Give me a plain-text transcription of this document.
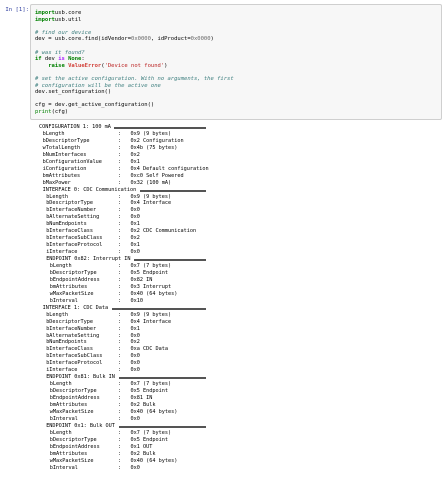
In [1]: importusb.core
importusb.util
# find our device
dev = usb.core.find(idVendor=0x0000, idProduct=0x0000)
# was it found?
if dev is None:
raise ValueError('Device not found')
# set the active configuration. With no arguments, the first
# configuration will be the active one
dev.set_configuration()
cfg = dev.get_active_configuration()
print(cfg)
CONFIGURATION 1: 100 mA
bLength	:   0x9 (9 bytes)
bDescriptorType	:   0x2 Configuration
wTotalLength	:   0x4b (75 bytes)
bNumInterfaces	:   0x2
bConfigurationValue	:   0x1
iConfiguration	:   0x4 Default configuration
bmAttributes	:   0xc0 Self Powered
bMaxPower	:   0x32 (100 mA)
INTERFACE 0: CDC Communication
bLength	:   0x9 (9 bytes)
bDescriptorType	:   0x4 Interface
bInterfaceNumber	:   0x0
bAlternateSetting	:   0x0
bNumEndpoints	:   0x1
bInterfaceClass	:   0x2 CDC Communication
bInterfaceSubClass	:   0x2
bInterfaceProtocol	:   0x1
iInterface	:   0x0
ENDPOINT 0x82: Interrupt IN
bLength	:   0x7 (7 bytes)
bDescriptorType	:   0x5 Endpoint
bEndpointAddress	:   0x82 IN
bmAttributes	:   0x3 Interrupt
wMaxPacketSize	:   0x40 (64 bytes)
bInterval	:   0x10
INTERFACE 1: CDC Data
bLength	:   0x9 (9 bytes)
bDescriptorType	:   0x4 Interface
bInterfaceNumber	:   0x1
bAlternateSetting	:   0x0
bNumEndpoints	:   0x2
bInterfaceClass	:   0xa CDC Data
bInterfaceSubClass	:   0x0
bInterfaceProtocol	:   0x0
iInterface	:   0x0
ENDPOINT 0x81: Bulk IN
bLength	:   0x7 (7 bytes)
bDescriptorType	:   0x5 Endpoint
bEndpointAddress	:   0x81 IN
bmAttributes	:   0x2 Bulk
wMaxPacketSize	:   0x40 (64 bytes)
bInterval	:   0x0
ENDPOINT 0x1: Bulk OUT
bLength	:   0x7 (7 bytes)
bDescriptorType	:   0x5 Endpoint
bEndpointAddress	:   0x1 OUT
bmAttributes	:   0x2 Bulk
wMaxPacketSize	:   0x40 (64 bytes)
bInterval	:   0x0
